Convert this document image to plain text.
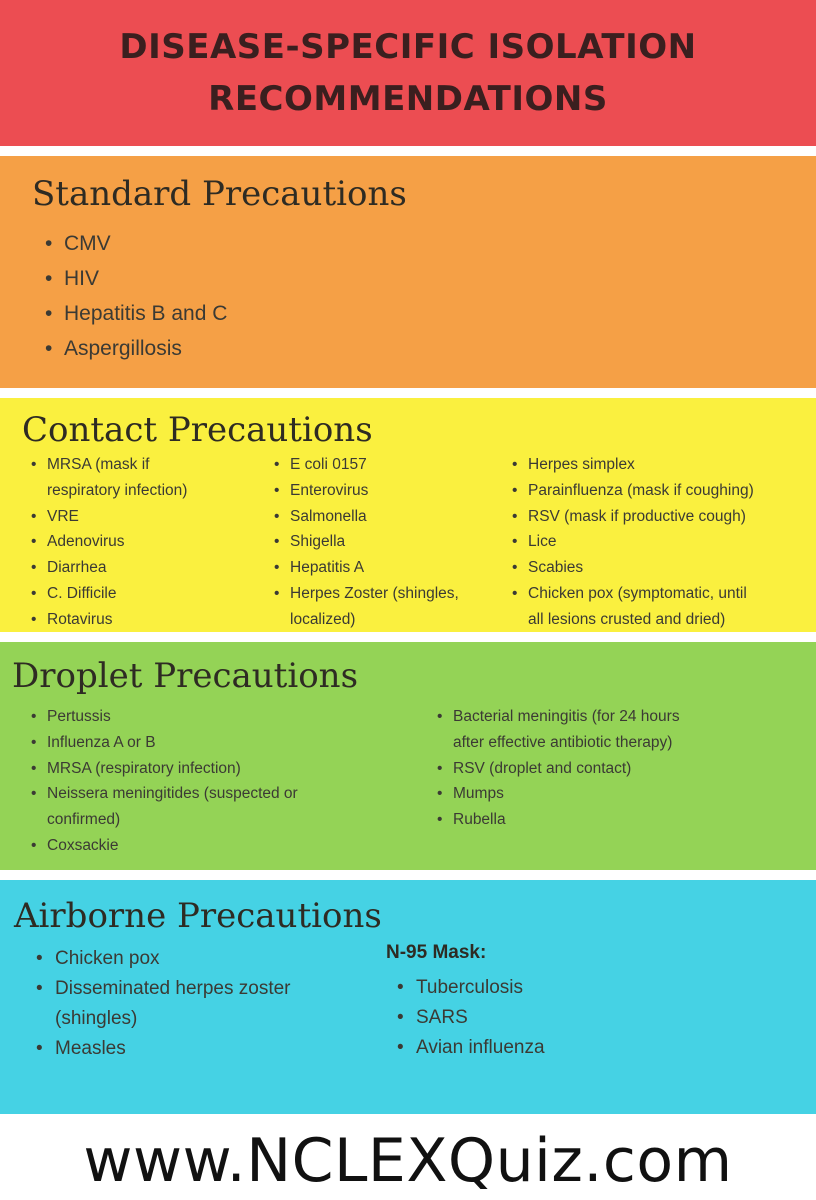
DISEASE-SPECIFIC ISOLATION
RECOMMENDATIONS
Standard Precautions
• CMV
• HIV
• Hepatitis B and C
• Aspergillosis
Contact Precautions
• MRSA (mask if
respiratory infection)
• VRE
• Adenovirus
• Diarrhea
• C. Difficile
• Rotavirus
• E coli 0157
• Enterovirus
• Salmonella
• Shigella
• Hepatitis A
• Herpes Zoster (shingles,
localized)
• Herpes simplex
• Parainfluenza (mask if coughing)
• RSV (mask if productive cough)
• Lice
• Scabies
• Chicken pox (symptomatic, until
all lesions crusted and dried)
Droplet Precautions
• Pertussis
• Influenza A or B
• MRSA (respiratory infection)
• Neissera meningitides (suspected or
confirmed)
• Coxsackie
• Bacterial meningitis (for 24 hours
after effective antibiotic therapy)
• RSV (droplet and contact)
• Mumps
• Rubella
Airborne Precautions
• Chicken pox
• Disseminated herpes zoster
(shingles)
• Measles
N-95 Mask:
• Tuberculosis
• SARS
• Avian influenza
www.NCLEXQuiz.com
